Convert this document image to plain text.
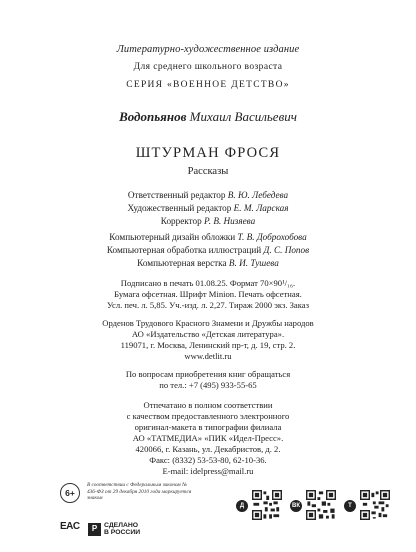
Литературно-художественное издание
Для среднего школьного возраста
СЕРИЯ «ВОЕННОЕ ДЕТСТВО»
Водопьянов Михаил Васильевич
ШТУРМАН ФРОСЯ
Рассказы
Ответственный редактор В. Ю. Лебедева
Художественный редактор Е. М. Ларская
Корректор Р. В. Низяева
Компьютерный дизайн обложки Т. В. Доброхобова
Компьютерная обработка иллюстраций Д. С. Попов
Компьютерная верстка В. И. Тушева
Подписано в печать 01.08.25. Формат 70×90¹/₁₆.
Бумага офсетная. Шрифт Minion. Печать офсетная.
Усл. печ. л. 5,85. Уч.-изд. л. 2,27. Тираж 2000 экз. Заказ
Орденов Трудового Красного Знамени и Дружбы народов
АО «Издательство «Детская литература».
119071, г. Москва, Ленинский пр-т, д. 19, стр. 2.
www.detlit.ru
По вопросам приобретения книг обращаться
по тел.: +7 (495) 933-55-65
Отпечатано в полном соответствии
с качеством предоставленного электронного
оригинал-макета в типографии филиала
АО «ТАТМЕДИА» «ПИК «Идел-Пресс».
420066, г. Казань, ул. Декабристов, д. 2.
Факс: (8332) 53-53-80, 62-10-36.
E-mail: idelpress@mail.ru
6+
В соответствии с Федеральным законом № 436-ФЗ от 29 декабря 2010 года маркируется знаком
EAC	Р	СДЕЛАНО
В РОССИИ
Д	ВК	Т
